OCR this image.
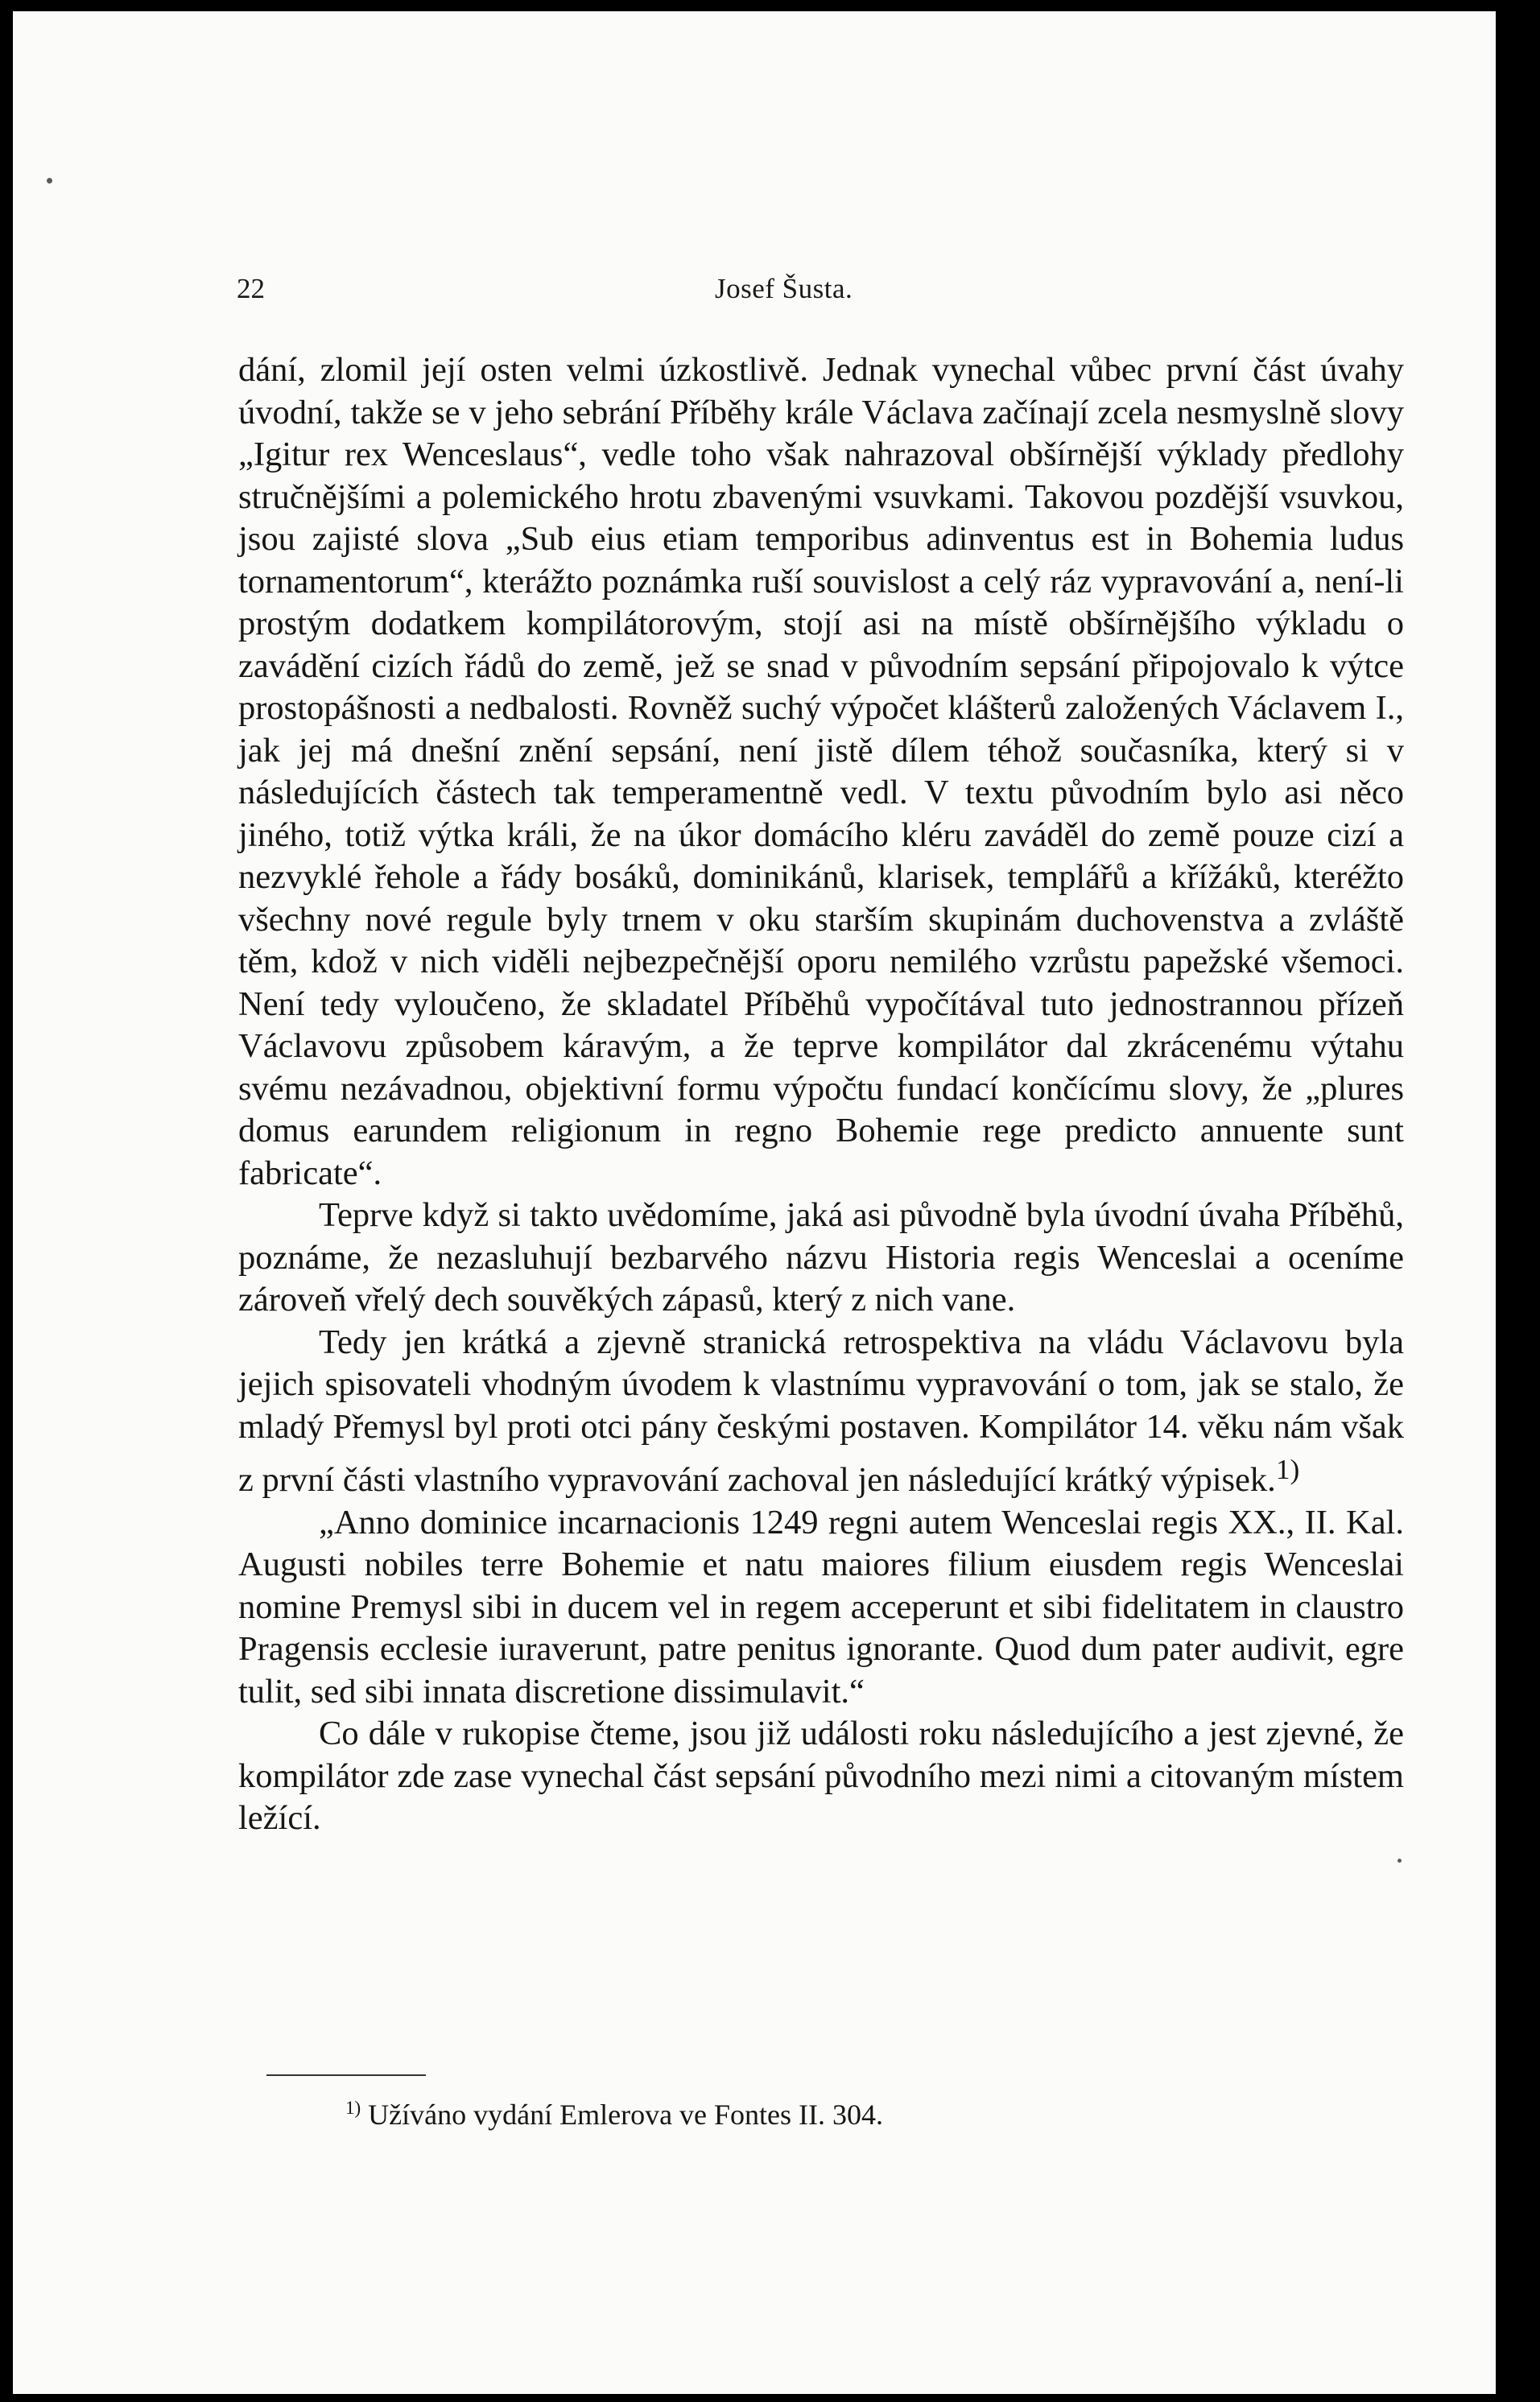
22	Josef Šusta.

dání, zlomil její osten velmi úzkostlivě. Jednak vynechal vůbec první část úvahy úvodní, takže se v jeho sebrání Příběhy krále Václava začínají zcela nesmyslně slovy „Igitur rex Wenceslaus“, vedle toho však nahrazoval obšírnější výklady předlohy stručnějšími a polemického hrotu zbavenými vsuvkami. Takovou pozdější vsuvkou, jsou zajisté slova „Sub eius etiam temporibus adinventus est in Bohemia ludus tornamentorum“, kterážto poznámka ruší souvislost a celý ráz vypravování a, není-li prostým dodatkem kompilátorovým, stojí asi na místě obšírnějšího výkladu o zavádění cizích řádů do země, jež se snad v původním sepsání připojovalo k výtce prostopášnosti a nedbalosti. Rovněž suchý výpočet klášterů založených Václavem I., jak jej má dnešní znění sepsání, není jistě dílem téhož současníka, který si v následujících částech tak temperamentně vedl. V textu původním bylo asi něco jiného, totiž výtka králi, že na úkor domácího kléru zaváděl do země pouze cizí a nezvyklé řehole a řády bosáků, dominikánů, klarisek, templářů a křížáků, kteréžto všechny nové regule byly trnem v oku starším skupinám duchovenstva a zvláště těm, kdož v nich viděli nejbezpečnější oporu nemilého vzrůstu papežské všemoci. Není tedy vyloučeno, že skladatel Příběhů vypočítával tuto jednostrannou přízeň Václavovu způsobem káravým, a že teprve kompilátor dal zkrácenému výtahu svému nezávadnou, objektivní formu výpočtu fundací končícímu slovy, že „plures domus earundem religionum in regno Bohemie rege predicto annuente sunt fabricate“.

Teprve když si takto uvědomíme, jaká asi původně byla úvodní úvaha Příběhů, poznáme, že nezasluhují bezbarvého názvu Historia regis Wenceslai a oceníme zároveň vřelý dech souvěkých zápasů, který z nich vane.

Tedy jen krátká a zjevně stranická retrospektiva na vládu Václavovu byla jejich spisovateli vhodným úvodem k vlastnímu vypravování o tom, jak se stalo, že mladý Přemysl byl proti otci pány českými postaven. Kompilátor 14. věku nám však z první části vlastního vypravování zachoval jen následující krátký výpisek.$^{1)}$

„Anno dominice incarnacionis 1249 regni autem Wenceslai regis XX., II. Kal. Augusti nobiles terre Bohemie et natu maiores filium eiusdem regis Wenceslai nomine Premysl sibi in ducem vel in regem acceperunt et sibi fidelitatem in claustro Pragensis ecclesie iuraverunt, patre penitus ignorante. Quod dum pater audivit, egre tulit, sed sibi innata discretione dissimulavit.“

Co dále v rukopise čteme, jsou již události roku následujícího a jest zjevné, že kompilátor zde zase vynechal část sepsání původního mezi nimi a citovaným místem ležící.

$^{1)}$ Užíváno vydání Emlerova ve Fontes II. 304.
